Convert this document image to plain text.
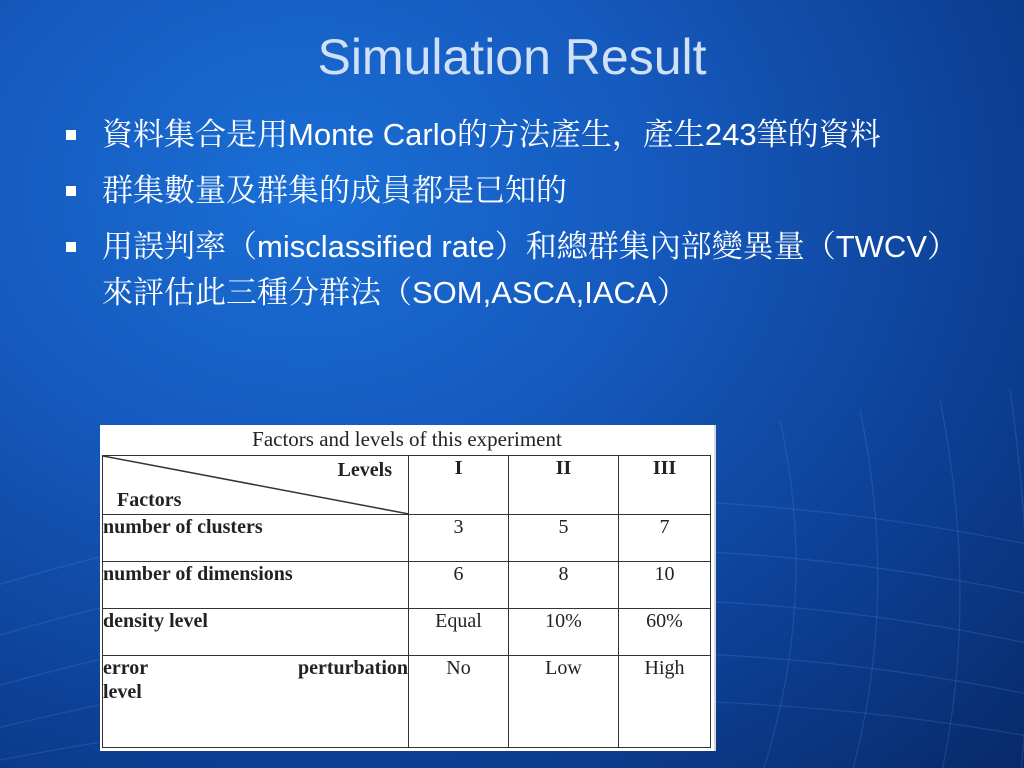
Simulation Result
資料集合是用Monte Carlo的方法產生，產生243筆的資料
群集數量及群集的成員都是已知的
用誤判率（misclassified rate）和總群集內部變異量（TWCV）來評估此三種分群法（SOM,ASCA,IACA）
Factors and levels of this experiment
Levels
Factors	I	II	III
number of clusters	3	5	7
number of dimensions	6	8	10
density level	Equal	10%	60%

error perturbation
level	No	Low	High
